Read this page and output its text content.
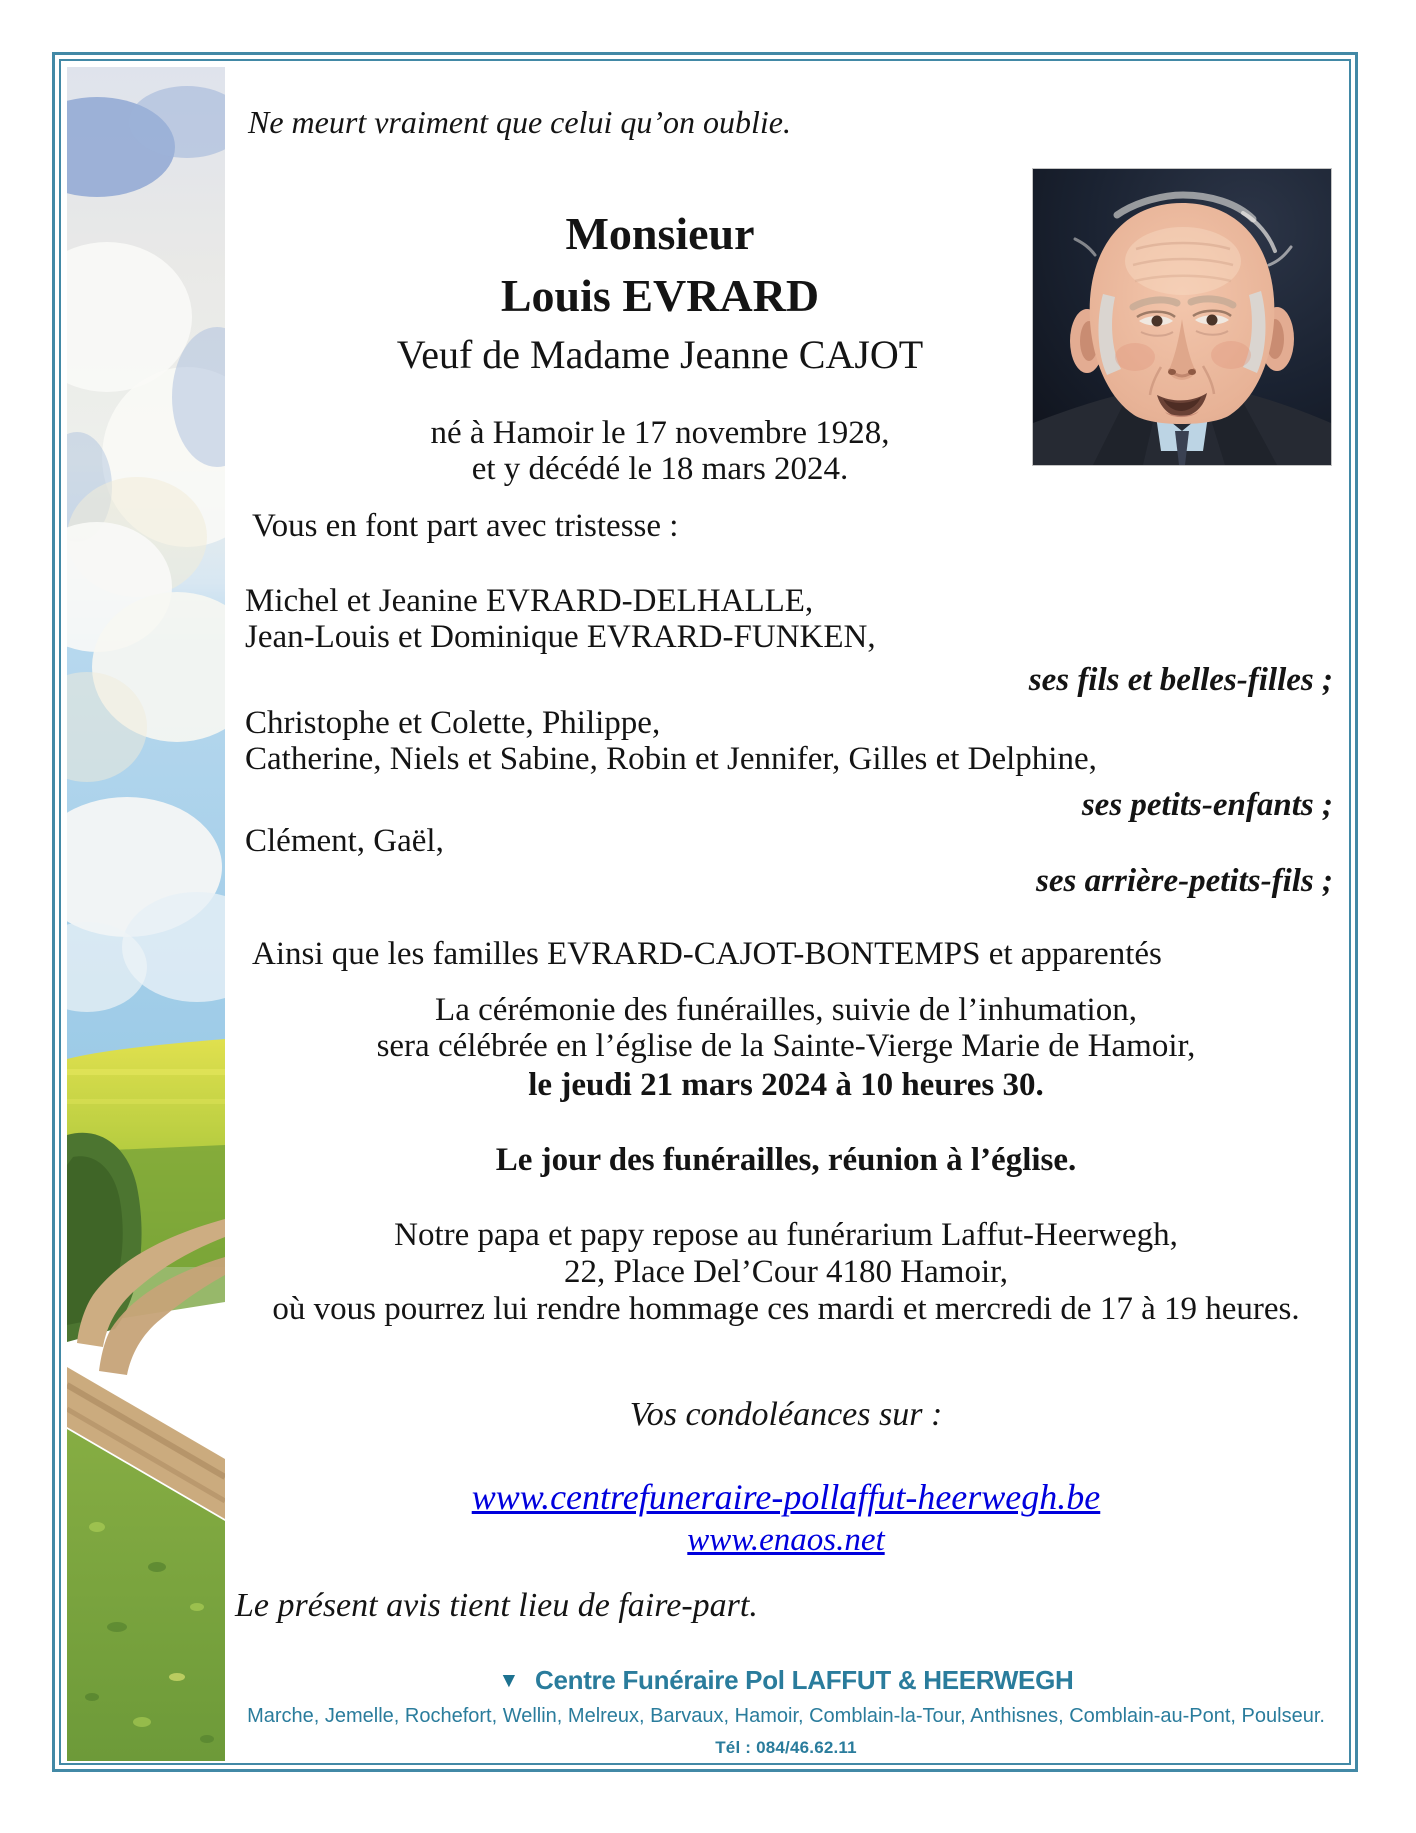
Ne meurt vraiment que celui qu’on oublie.
Monsieur
Louis EVRARD
Veuf de Madame Jeanne CAJOT
né à Hamoir le 17 novembre 1928,
et y décédé le 18 mars 2024.
Vous en font part avec tristesse :
Michel et Jeanine EVRARD-DELHALLE,
Jean-Louis et Dominique EVRARD-FUNKEN,
ses fils et belles-filles ;
Christophe et Colette, Philippe,
Catherine, Niels et Sabine, Robin et Jennifer, Gilles et Delphine,
ses petits-enfants ;
Clément, Gaël,
ses arrière-petits-fils ;
Ainsi que les familles EVRARD-CAJOT-BONTEMPS et apparentés
La cérémonie des funérailles, suivie de l’inhumation,
sera célébrée en l’église de la Sainte-Vierge Marie de Hamoir,
le jeudi 21 mars 2024 à 10 heures 30.
Le jour des funérailles, réunion à l’église.
Notre papa et papy repose au funérarium Laffut-Heerwegh,
22, Place Del’Cour 4180 Hamoir,
où vous pourrez lui rendre hommage ces mardi et mercredi de 17 à 19 heures.
Vos condoléances sur :
www.centrefuneraire-pollaffut-heerwegh.be
www.enaos.net
Le présent avis tient lieu de faire-part.
▼ Centre Funéraire Pol LAFFUT & HEERWEGH
Marche, Jemelle, Rochefort, Wellin, Melreux, Barvaux, Hamoir, Comblain-la-Tour, Anthisnes, Comblain-au-Pont, Poulseur.
Tél : 084/46.62.11
